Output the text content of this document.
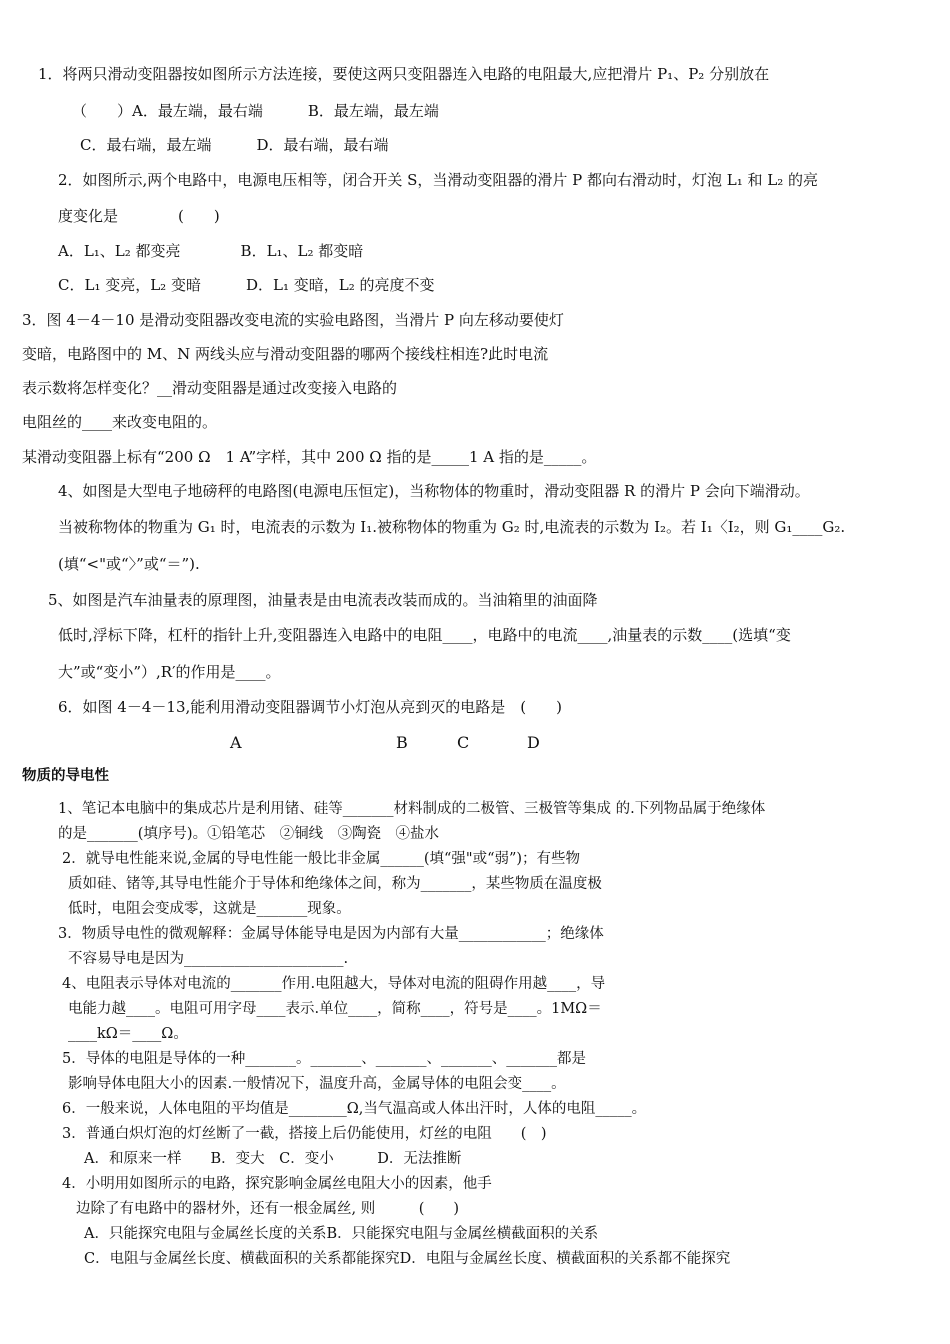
1．将两只滑动变阻器按如图所示方法连接，要使这两只变阻器连入电路的电阻最大,应把滑片 P₁、P₂ 分别放在
（　　）A．最左端，最右端　　　B．最左端，最左端
C．最右端，最左端　　　D．最右端，最右端
2．如图所示,两个电路中，电源电压相等，闭合开关 S，当滑动变阻器的滑片 P 都向右滑动时，灯泡 L₁ 和 L₂ 的亮
度变化是　　　　(　　)
A．L₁、L₂ 都变亮　　　　B．L₁、L₂ 都变暗
C．L₁ 变亮，L₂ 变暗　　　D．L₁ 变暗，L₂ 的亮度不变
3．图 4－4－10 是滑动变阻器改变电流的实验电路图，当滑片 P 向左移动要使灯
变暗，电路图中的 M、N 两线头应与滑动变阻器的哪两个接线柱相连?此时电流
表示数将怎样变化？__滑动变阻器是通过改变接入电路的
电阻丝的____来改变电阻的。
某滑动变阻器上标有“200 Ω　1 A”字样，其中 200 Ω 指的是_____1 A 指的是_____。
4、如图是大型电子地磅秤的电路图(电源电压恒定)，当称物体的物重时，滑动变阻器 R 的滑片 P 会向下端滑动。
当被称物体的物重为 G₁ 时，电流表的示数为 I₁.被称物体的物重为 G₂ 时,电流表的示数为 I₂。若 I₁〈I₂，则 G₁____G₂.
(填“<"或“〉”或“＝”).
5、如图是汽车油量表的原理图，油量表是由电流表改装而成的。当油箱里的油面降
低时,浮标下降，杠杆的指针上升,变阻器连入电路中的电阻____，电路中的电流____,油量表的示数____(选填“变
大”或“变小”）,R′的作用是____。
6．如图 4－4－13,能利用滑动变阻器调节小灯泡从亮到灭的电路是　(　　)
A	B	C	D
物质的导电性
1、笔记本电脑中的集成芯片是利用锗、硅等_______材料制成的二极管、三极管等集成 的.下列物品属于绝缘体
的是_______(填序号)。①铅笔芯　②铜线　③陶瓷　④盐水
2．就导电性能来说,金属的导电性能一般比非金属______(填“强"或“弱”)；有些物
质如硅、锗等,其导电性能介于导体和绝缘体之间，称为_______，某些物质在温度极
低时，电阻会变成零，这就是_______现象。
3．物质导电性的微观解释：金属导体能导电是因为内部有大量____________；绝缘体
不容易导电是因为______________________.
4、电阻表示导体对电流的_______作用.电阻越大，导体对电流的阻碍作用越____，导
电能力越____。电阻可用字母____表示.单位____，简称____，符号是____。1MΩ＝
____kΩ＝____Ω。
5．导体的电阻是导体的一种_______。_______、_______、_______、_______都是
影响导体电阻大小的因素.一般情况下，温度升高，金属导体的电阻会变____。
6．一般来说，人体电阻的平均值是________Ω,当气温高或人体出汗时，人体的电阻_____。
3．普通白炽灯泡的灯丝断了一截，搭接上后仍能使用，灯丝的电阻　　(　)
A．和原来一样　　B．变大　C．变小　　　D．无法推断
4．小明用如图所示的电路，探究影响金属丝电阻大小的因素，他手
边除了有电路中的器材外，还有一根金属丝, 则　　　(　　)
A．只能探究电阻与金属丝长度的关系B．只能探究电阻与金属丝横截面积的关系
C．电阻与金属丝长度、横截面积的关系都能探究D．电阻与金属丝长度、横截面积的关系都不能探究
